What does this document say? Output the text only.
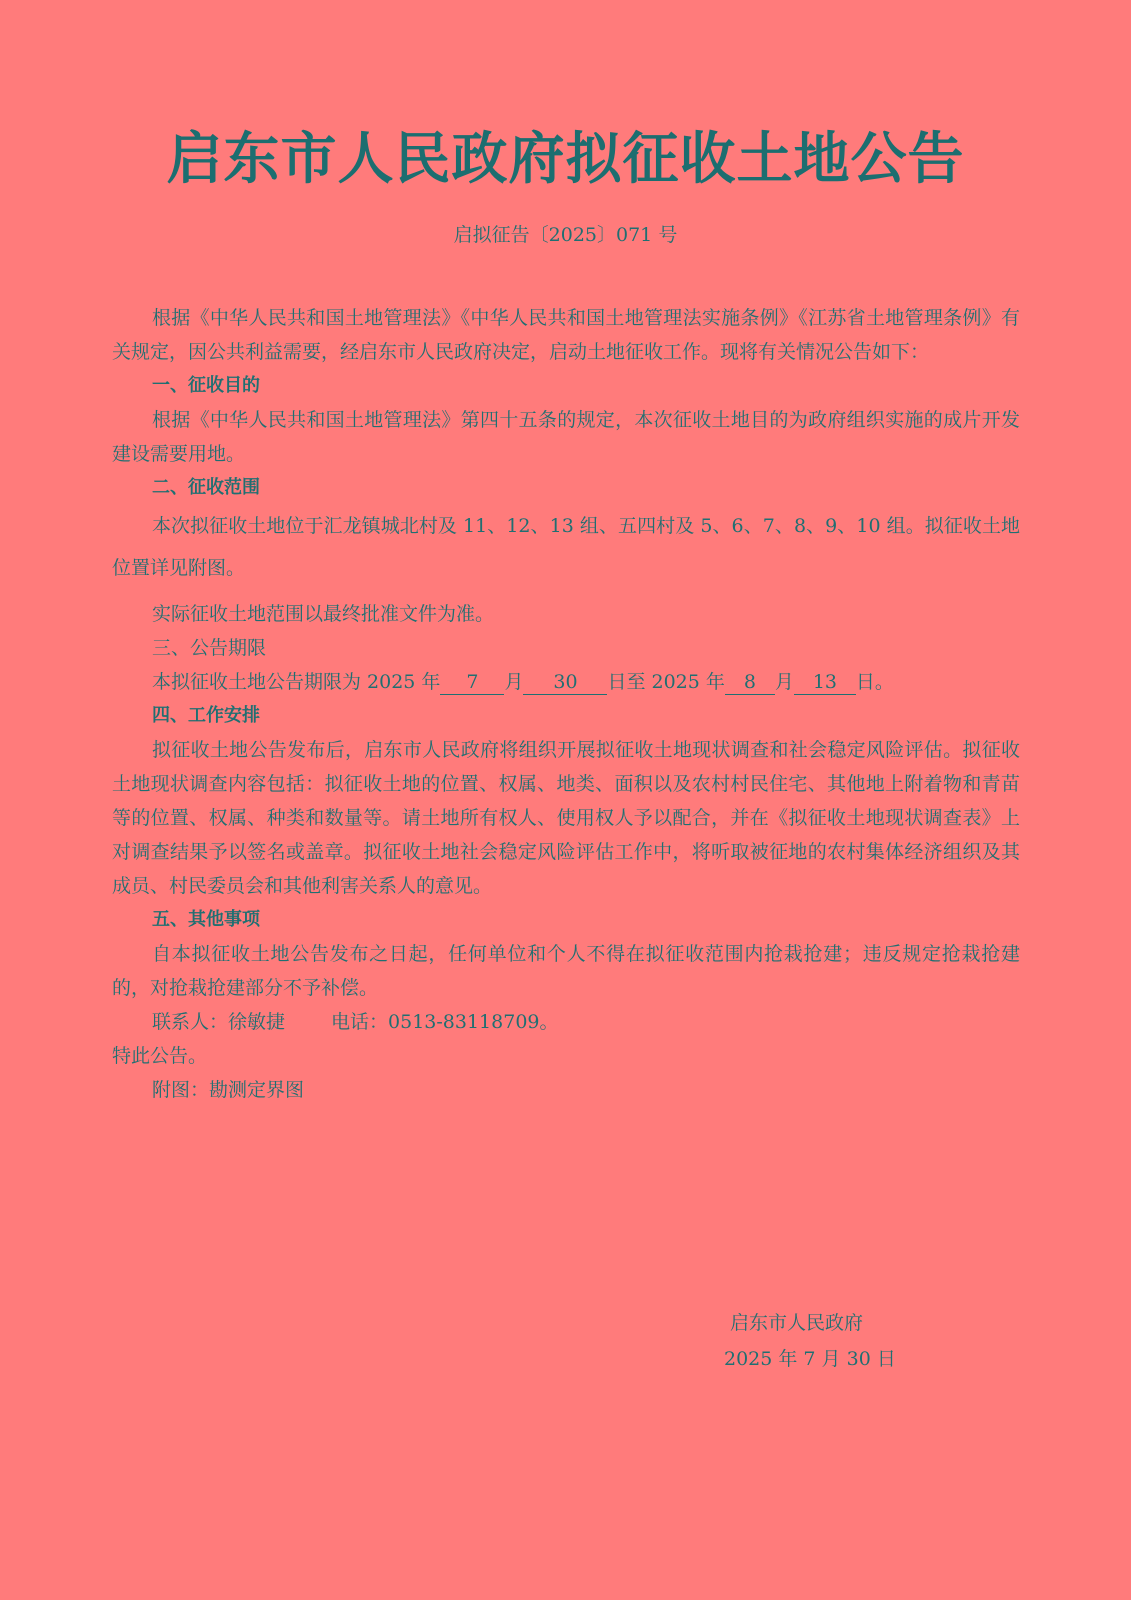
启东市人民政府拟征收土地公告
启拟征告〔2025〕071 号

根据《中华人民共和国土地管理法》《中华人民共和国土地管理法实施条例》《江苏省土地管理条例》有关规定，因公共利益需要，经启东市人民政府决定，启动土地征收工作。现将有关情况公告如下：

一、征收目的

根据《中华人民共和国土地管理法》第四十五条的规定，本次征收土地目的为政府组织实施的成片开发建设需要用地。

二、征收范围

本次拟征收土地位于汇龙镇城北村及 11、12、13 组、五四村及 5、6、7、8、9、10 组。拟征收土地位置详见附图。

实际征收土地范围以最终批准文件为准。

三、公告期限

本拟征收土地公告期限为 2025 年 7 月 30 日至 2025 年 8 月 13 日。

四、工作安排

拟征收土地公告发布后，启东市人民政府将组织开展拟征收土地现状调查和社会稳定风险评估。拟征收土地现状调查内容包括：拟征收土地的位置、权属、地类、面积以及农村村民住宅、其他地上附着物和青苗等的位置、权属、种类和数量等。请土地所有权人、使用权人予以配合，并在《拟征收土地现状调查表》上对调查结果予以签名或盖章。拟征收土地社会稳定风险评估工作中，将听取被征地的农村集体经济组织及其成员、村民委员会和其他利害关系人的意见。

五、其他事项

自本拟征收土地公告发布之日起，任何单位和个人不得在拟征收范围内抢栽抢建；违反规定抢栽抢建的，对抢栽抢建部分不予补偿。

联系人：徐敏捷 电话：0513-83118709。

特此公告。

附图：勘测定界图

启东市人民政府
2025 年 7 月 30 日
